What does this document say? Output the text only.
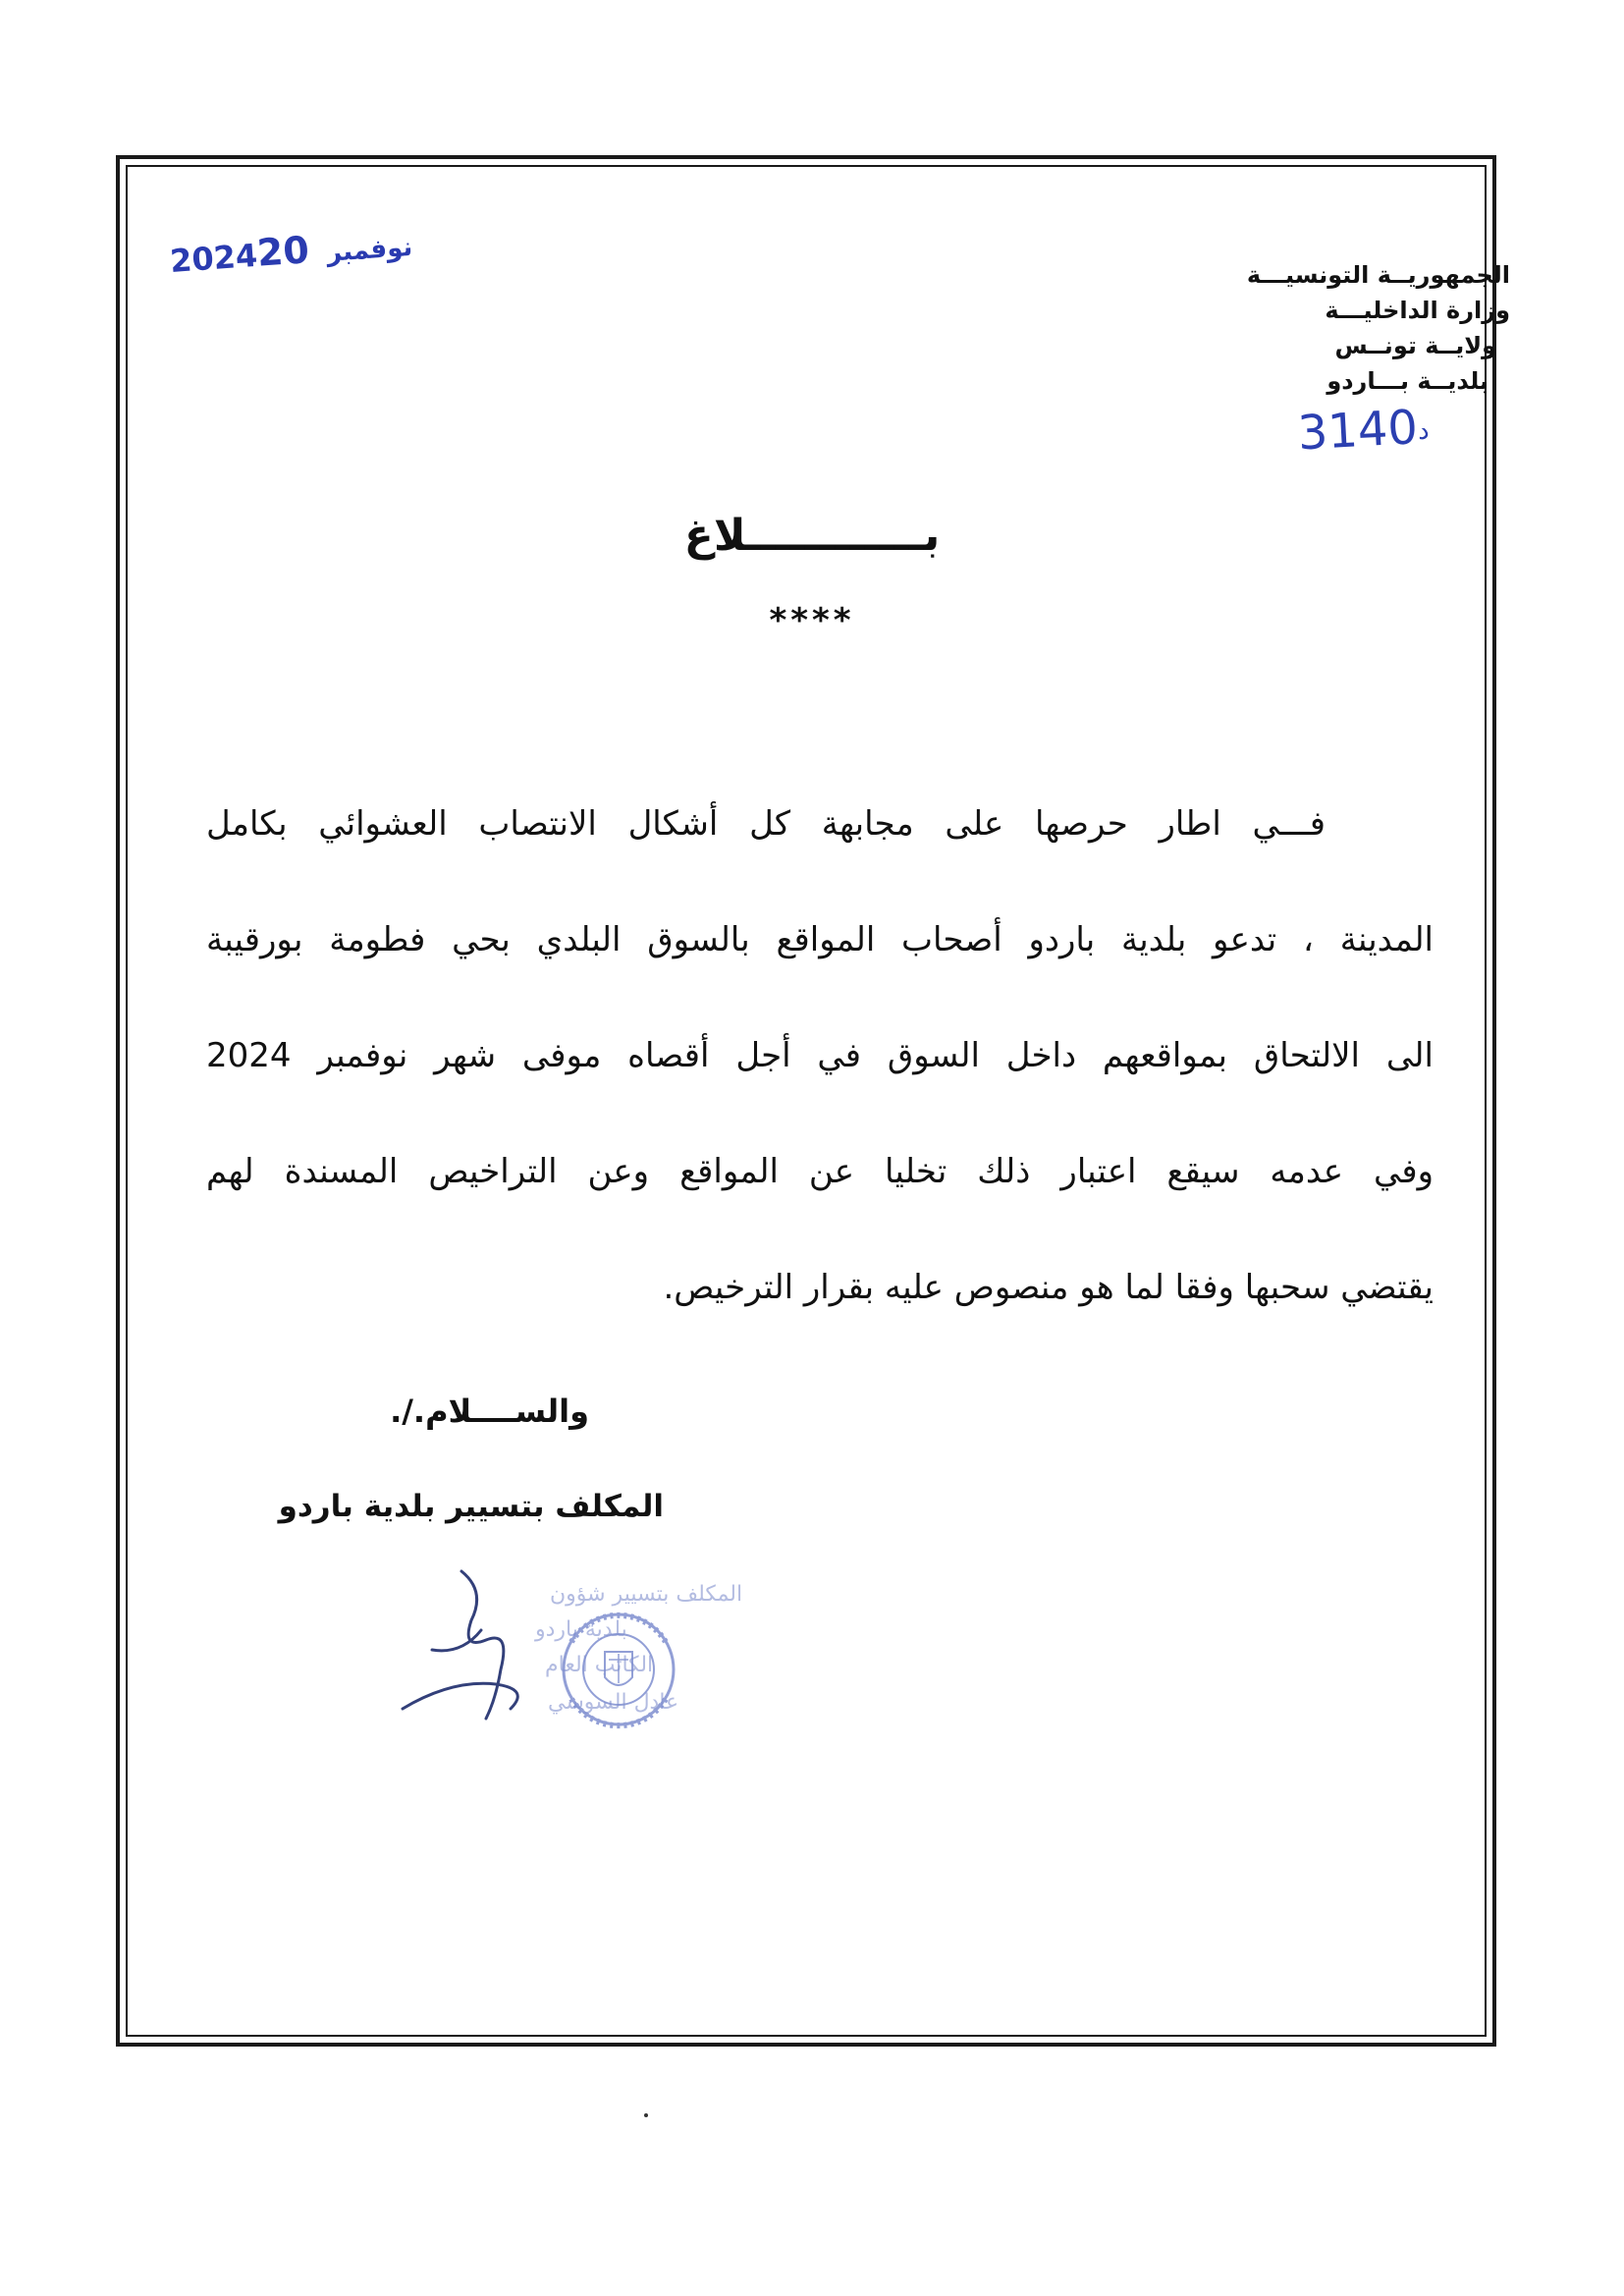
الجمهوريــة التونسيـــة
وزارة الداخليـــة
ولايــة تونــس
بلديــة بـــاردو
د3140
2024	نوفمبر20
بــــــــــــلاغ
****
فـــي اطار حرصها على مجابهة كل أشكال الانتصاب العشوائي بكامل
المدينة ، تدعو بلدية باردو أصحاب المواقع بالسوق البلدي بحي فطومة بورقيبة
الى الالتحاق بمواقعهم داخل السوق في أجل أقصاه موفى شهر نوفمبر 2024
وفي عدمه سيقع اعتبار ذلك تخليا عن المواقع وعن التراخيص المسندة لهم
يقتضي سحبها وفقا لما هو منصوص عليه بقرار الترخيص.
والســــلام./.
المكلف بتسيير بلدية باردو
المكلف بتسيير شؤون
بلدية باردو
الكاتب العام
عادل السوسي
